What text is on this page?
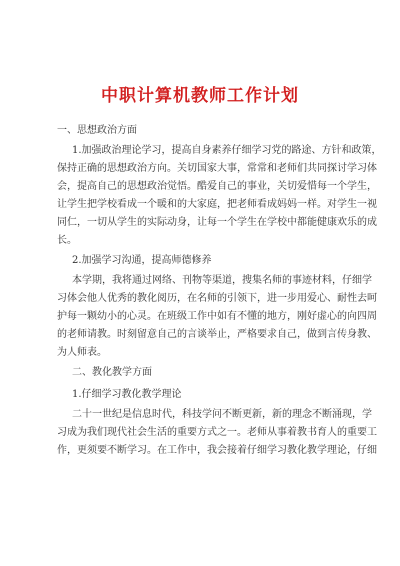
中职计算机教师工作计划
一、思想政治方面
1.加强政治理论学习，提高自身素养仔细学习党的路途、方针和政策，
保持正确的思想政治方向。关切国家大事，常常和老师们共同探讨学习体
会，提高自己的思想政治觉悟。酷爱自己的事业，关切爱惜每一个学生，
让学生把学校看成一个暖和的大家庭，把老师看成妈妈一样。对学生一视
同仁，一切从学生的实际动身，让每一个学生在学校中都能健康欢乐的成
长。
2.加强学习沟通，提高师德修养
本学期，我将通过网络、刊物等渠道，搜集名师的事迹材料，仔细学
习体会他人优秀的教化阅历，在名师的引领下，进一步用爱心、耐性去呵
护每一颗幼小的心灵。在班级工作中如有不懂的地方，刚好虚心的向四周
的老师请教。时刻留意自己的言谈举止，严格要求自己，做到言传身教、
为人师表。
二、教化教学方面
1.仔细学习教化教学理论
二十一世纪是信息时代，科技学问不断更新，新的理念不断涌现，学
习成为我们现代社会生活的重要方式之一。老师从事着教书育人的重要工
作，更须要不断学习。在工作中，我会接着仔细学习教化教学理论，仔细
